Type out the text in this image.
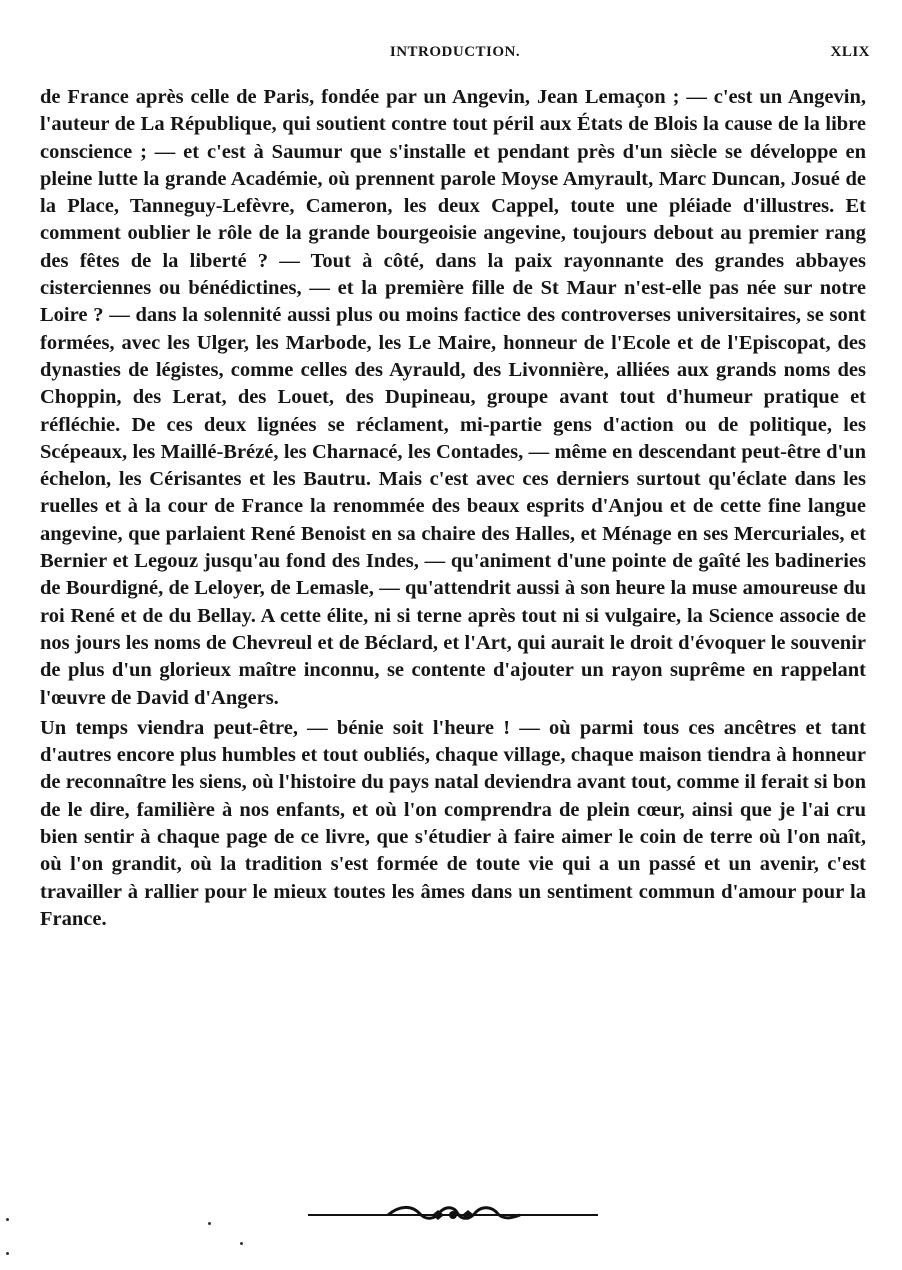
INTRODUCTION.	XLIX

de France après celle de Paris, fondée par un Angevin, Jean Lemaçon ; — c'est un Angevin, l'auteur de La République, qui soutient contre tout péril aux États de Blois la cause de la libre conscience ; — et c'est à Saumur que s'installe et pendant près d'un siècle se développe en pleine lutte la grande Académie, où prennent parole Moyse Amyrault, Marc Duncan, Josué de la Place, Tanneguy-Lefèvre, Cameron, les deux Cappel, toute une pléiade d'illustres. Et comment oublier le rôle de la grande bourgeoisie angevine, toujours debout au premier rang des fêtes de la liberté ? — Tout à côté, dans la paix rayonnante des grandes abbayes cisterciennes ou bénédictines, — et la première fille de St Maur n'est-elle pas née sur notre Loire ? — dans la solennité aussi plus ou moins factice des controverses universitaires, se sont formées, avec les Ulger, les Marbode, les Le Maire, honneur de l'Ecole et de l'Episcopat, des dynasties de légistes, comme celles des Ayrauld, des Livonnière, alliées aux grands noms des Choppin, des Lerat, des Louet, des Dupineau, groupe avant tout d'humeur pratique et réfléchie. De ces deux lignées se réclament, mi-partie gens d'action ou de politique, les Scépeaux, les Maillé-Brézé, les Charnacé, les Contades, — même en descendant peut-être d'un échelon, les Cérisantes et les Bautru. Mais c'est avec ces derniers surtout qu'éclate dans les ruelles et à la cour de France la renommée des beaux esprits d'Anjou et de cette fine langue angevine, que parlaient René Benoist en sa chaire des Halles, et Ménage en ses Mercuriales, et Bernier et Legouz jusqu'au fond des Indes, — qu'animent d'une pointe de gaîté les badineries de Bourdigné, de Leloyer, de Lemasle, — qu'attendrit aussi à son heure la muse amoureuse du roi René et de du Bellay. A cette élite, ni si terne après tout ni si vulgaire, la Science associe de nos jours les noms de Chevreul et de Béclard, et l'Art, qui aurait le droit d'évoquer le souvenir de plus d'un glorieux maître inconnu, se contente d'ajouter un rayon suprême en rappelant l'œuvre de David d'Angers.

Un temps viendra peut-être, — bénie soit l'heure ! — où parmi tous ces ancêtres et tant d'autres encore plus humbles et tout oubliés, chaque village, chaque maison tiendra à honneur de reconnaître les siens, où l'histoire du pays natal deviendra avant tout, comme il ferait si bon de le dire, familière à nos enfants, et où l'on comprendra de plein cœur, ainsi que je l'ai cru bien sentir à chaque page de ce livre, que s'étudier à faire aimer le coin de terre où l'on naît, où l'on grandit, où la tradition s'est formée de toute vie qui a un passé et un avenir, c'est travailler à rallier pour le mieux toutes les âmes dans un sentiment commun d'amour pour la France.
